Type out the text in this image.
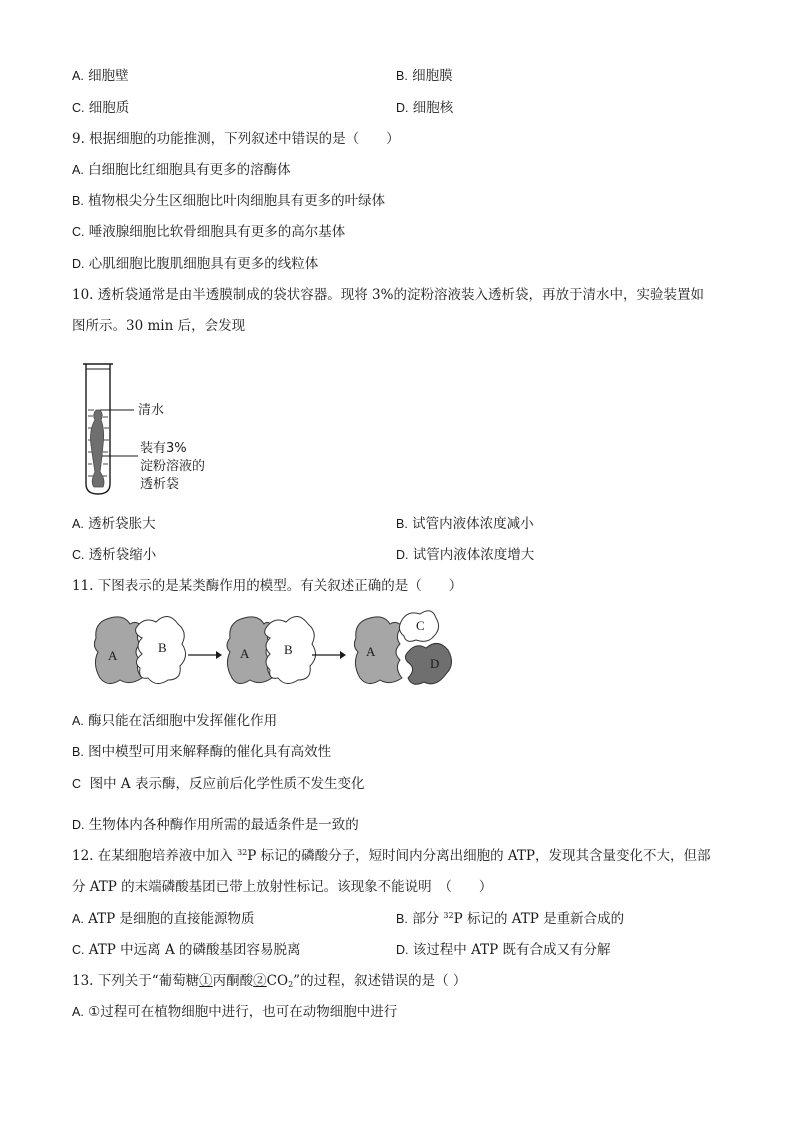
A. 细胞壁	B. 细胞膜
C. 细胞质	D. 细胞核
9. 根据细胞的功能推测，下列叙述中错误的是（　　）
A. 白细胞比红细胞具有更多的溶酶体
B. 植物根尖分生区细胞比叶肉细胞具有更多的叶绿体
C. 唾液腺细胞比软骨细胞具有更多的高尔基体
D. 心肌细胞比腹肌细胞具有更多的线粒体
10. 透析袋通常是由半透膜制成的袋状容器。现将 3%的淀粉溶液装入透析袋，再放于清水中，实验装置如
图所示。30 min 后，会发现
清水
装有3%
淀粉溶液的
透析袋
A. 透析袋胀大	B. 试管内液体浓度减小
C. 透析袋缩小	D. 试管内液体浓度增大
11. 下图表示的是某类酶作用的模型。有关叙述正确的是（　　）
A
B	A	B	A
C
D
A. 酶只能在活细胞中发挥催化作用
B. 图中模型可用来解释酶的催化具有高效性
C 图中 A 表示酶，反应前后化学性质不发生变化
D. 生物体内各种酶作用所需的最适条件是一致的
12. 在某细胞培养液中加入 $^{32}$P 标记的磷酸分子，短时间内分离出细胞的 ATP，发现其含量变化不大，但部
分 ATP 的末端磷酸基团已带上放射性标记。该现象不能说明　（　　）
A. ATP 是细胞的直接能源物质	B. 部分 $^{32}$P 标记的 ATP 是重新合成的
C. ATP 中远离 A 的磷酸基团容易脱离	D. 该过程中 ATP 既有合成又有分解
13. 下列关于“葡萄糖①丙酮酸$②CO_2$”的过程，叙述错误的是（ ）
A. ①过程可在植物细胞中进行，也可在动物细胞中进行
